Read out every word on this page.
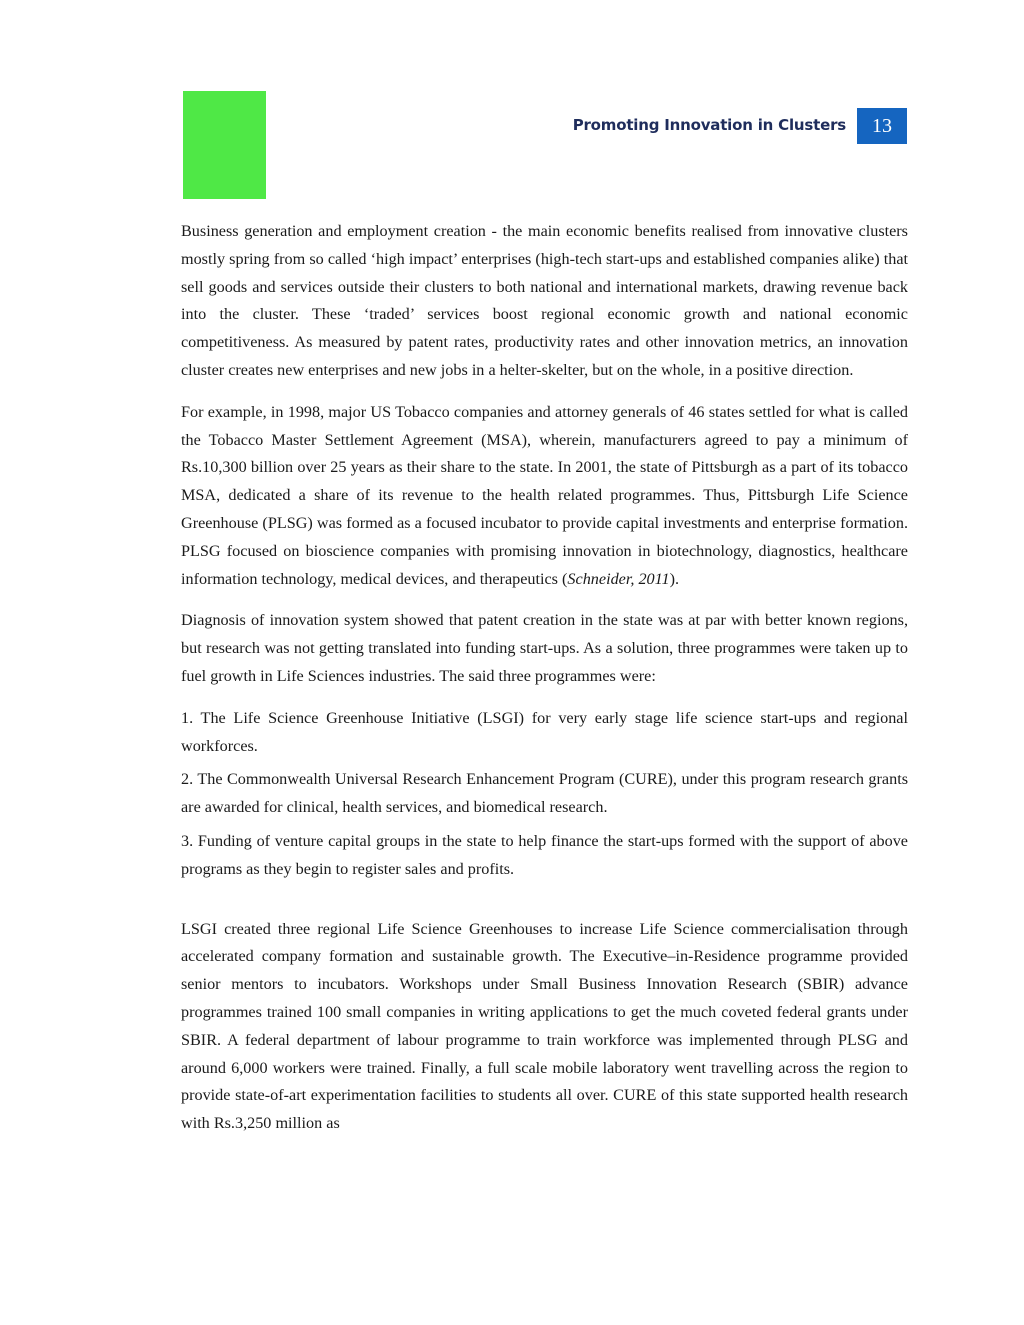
Promoting Innovation in Clusters	13

Business generation and employment creation - the main economic benefits realised from innovative clusters mostly spring from so called ‘high impact’ enterprises (high-tech start-ups and established companies alike) that sell goods and services outside their clusters to both national and international markets, drawing revenue back into the cluster. These ‘traded’ services boost regional economic growth and national economic competitiveness. As measured by patent rates, productivity rates and other innovation metrics, an innovation cluster creates new enterprises and new jobs in a helter-skelter, but on the whole, in a positive direction.

For example, in 1998, major US Tobacco companies and attorney generals of 46 states settled for what is called the Tobacco Master Settlement Agreement (MSA), wherein, manufacturers agreed to pay a minimum of Rs.10,300 billion over 25 years as their share to the state. In 2001, the state of Pittsburgh as a part of its tobacco MSA, dedicated a share of its revenue to the health related programmes. Thus, Pittsburgh Life Science Greenhouse (PLSG) was formed as a focused incubator to provide capital investments and enterprise formation. PLSG focused on bioscience companies with promising innovation in biotechnology, diagnostics, healthcare information technology, medical devices, and therapeutics (Schneider, 2011).

Diagnosis of innovation system showed that patent creation in the state was at par with better known regions, but research was not getting translated into funding start-ups. As a solution, three programmes were taken up to fuel growth in Life Sciences industries. The said three programmes were:

1. The Life Science Greenhouse Initiative (LSGI) for very early stage life science start-ups and regional workforces.

2. The Commonwealth Universal Research Enhancement Program (CURE), under this program research grants are awarded for clinical, health services, and biomedical research.

3. Funding of venture capital groups in the state to help finance the start-ups formed with the support of above programs as they begin to register sales and profits.

LSGI created three regional Life Science Greenhouses to increase Life Science commercialisation through accelerated company formation and sustainable growth. The Executive–in-Residence programme provided senior mentors to incubators. Workshops under Small Business Innovation Research (SBIR) advance programmes trained 100 small companies in writing applications to get the much coveted federal grants under SBIR. A federal department of labour programme to train workforce was implemented through PLSG and around 6,000 workers were trained. Finally, a full scale mobile laboratory went travelling across the region to provide state-of-art experimentation facilities to students all over. CURE of this state supported health research with Rs.3,250 million as
